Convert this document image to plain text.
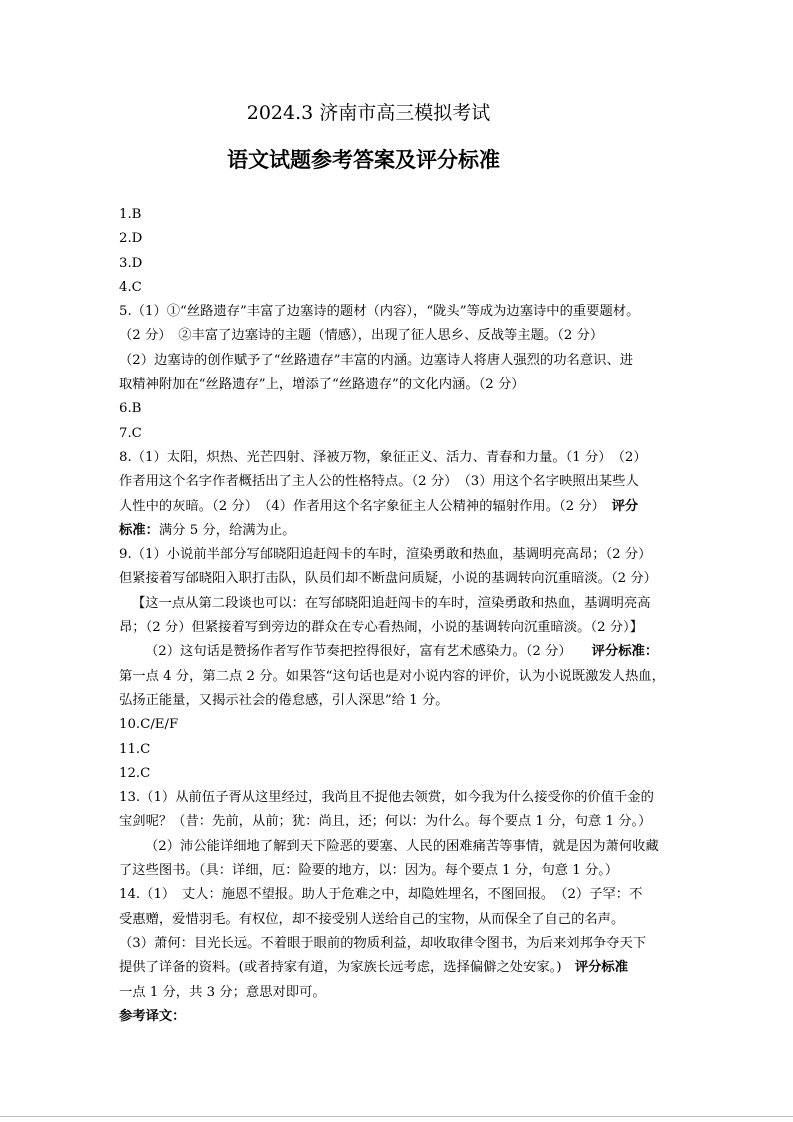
2024.3 济南市高三模拟考试
语文试题参考答案及评分标准
1.B
2.D
3.D
4.C
5.（1）①“丝路遗存”丰富了边塞诗的题材（内容），“陇头”等成为边塞诗中的重要题材。
（2 分）　②丰富了边塞诗的主题（情感），出现了征人思乡、反战等主题。（2 分）
（2）边塞诗的创作赋予了“丝路遗存”丰富的内涵。边塞诗人将唐人强烈的功名意识、进
取精神附加在“丝路遗存”上，增添了“丝路遗存”的文化内涵。（2 分）
6.B
7.C
8.（1）太阳，炽热、光芒四射、泽被万物，象征正义、活力、青春和力量。（1 分）　（2）
作者用这个名字作者概括出了主人公的性格特点。（2 分）　（3）用这个名字映照出某些人
人性中的灰暗。（2 分）　（4）作者用这个名字象征主人公精神的辐射作用。（2 分）　 评分
标准：满分 5 分，给满为止。
9.（1）小说前半部分写邰晓阳追赶闯卡的车时，渲染勇敢和热血，基调明亮高昂；（2 分）
但紧接着写邰晓阳入职打击队，队员们却不断盘问质疑，小说的基调转向沉重暗淡。（2 分）
【这一点从第二段谈也可以：在写邰晓阳追赶闯卡的车时，渲染勇敢和热血，基调明亮高
昂；（2 分）但紧接着写到旁边的群众在专心看热闹，小说的基调转向沉重暗淡。（2 分）】
（2）这句话是赞扬作者写作节奏把控得很好，富有艺术感染力。（2 分）　　 评分标准：
第一点 4 分，第二点 2 分。如果答“这句话也是对小说内容的评价，认为小说既激发人热血，
弘扬正能量，又揭示社会的倦怠感，引人深思”给 1 分。
10.C/E/F
11.C
12.C
13.（1）从前伍子胥从这里经过，我尚且不捉他去领赏，如今我为什么接受你的价值千金的
宝剑呢？（昔：先前，从前；犹：尚且，还；何以：为什么。每个要点 1 分，句意 1 分。）
（2）沛公能详细地了解到天下险恶的要塞、人民的困难痛苦等事情，就是因为萧何收藏
了这些图书。（具：详细，厄：险要的地方，以：因为。每个要点 1 分，句意 1 分。）
14.（1）　丈人：施恩不望报。助人于危难之中，却隐姓埋名，不图回报。　（2）子罕：不
受惠赠，爱惜羽毛。有权位，却不接受别人送给自己的宝物，从而保全了自己的名声。
（3）萧何：目光长远。不着眼于眼前的物质利益，却收取律令图书，为后来刘邦争夺天下
提供了详备的资料。(或者持家有道，为家族长远考虑，选择偏僻之处安家。)　 评分标准
一点 1 分，共 3 分；意思对即可。
参考译文：
